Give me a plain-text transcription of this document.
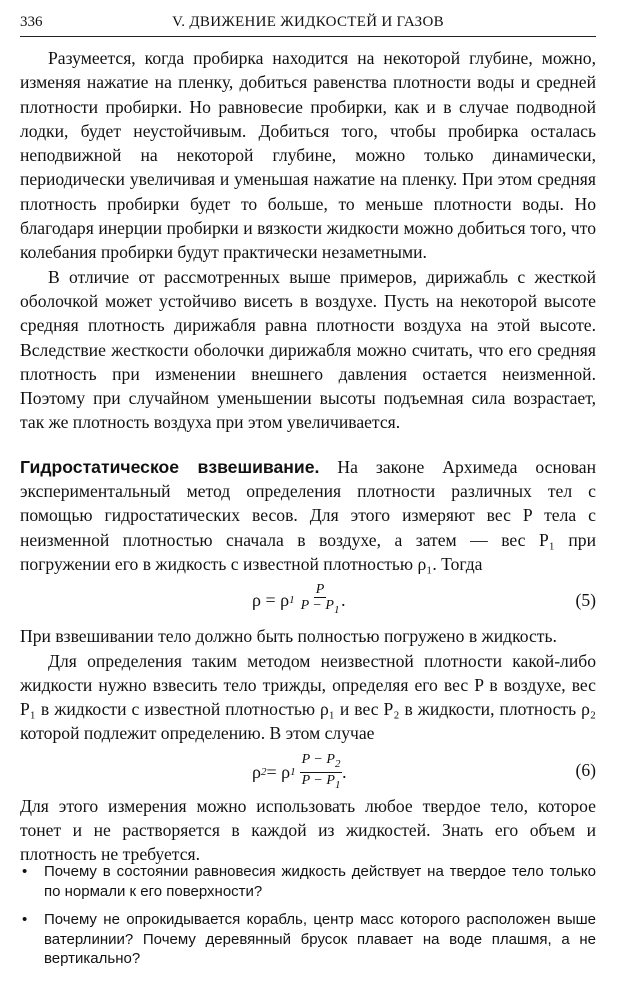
336	V. ДВИЖЕНИЕ ЖИДКОСТЕЙ И ГАЗОВ

Разумеется, когда пробирка находится на некоторой глубине, можно, изменяя нажатие на пленку, добиться равенства плотности воды и средней плотности пробирки. Но равновесие пробирки, как и в случае подводной лодки, будет неустойчивым. Добиться того, чтобы пробирка осталась неподвижной на некоторой глубине, можно только динамически, периодически увеличивая и уменьшая нажатие на пленку. При этом средняя плотность пробирки будет то больше, то меньше плотности воды. Но благодаря инерции пробирки и вязкости жидкости можно добиться того, что колебания пробирки будут практически незаметными.

В отличие от рассмотренных выше примеров, дирижабль с жесткой оболочкой может устойчиво висеть в воздухе. Пусть на некоторой высоте средняя плотность дирижабля равна плотности воздуха на этой высоте. Вследствие жесткости оболочки дирижабля можно считать, что его средняя плотность при изменении внешнего давления остается неизменной. Поэтому при случайном уменьшении высоты подъемная сила возрастает, так же плотность воздуха при этом увеличивается.

Гидростатическое взвешивание. На законе Архимеда основан экспериментальный метод определения плотности различных тел с помощью гидростатических весов. Для этого измеряют вес P тела с неизменной плотностью сначала в воздухе, а затем — вес P₁ при погружении его в жидкость с известной плотностью ρ₁. Тогда

ρ = ρ $1 \frac{P}{P - P_1}$ .	(5)

При взвешивании тело должно быть полностью погружено в жидкость.

Для определения таким методом неизвестной плотности какой-либо жидкости нужно взвесить тело трижды, определяя его вес P в воздухе, вес P₁ в жидкости с известной плотностью ρ₁ и вес P₂ в жидкости, плотность ρ₂ которой подлежит определению. В этом случае

ρ 2 = ρ $1 \frac{P - P_2}{P - P_1}$ .	(6)

Для этого измерения можно использовать любое твердое тело, которое тонет и не растворяется в каждой из жидкостей. Знать его объем и плотность не требуется.

• Почему в состоянии равновесия жидкость действует на твердое тело только по нормали к его поверхности?
• Почему не опрокидывается корабль, центр масс которого расположен выше ватерлинии? Почему деревянный брусок плавает на воде плашмя, а не вертикально?
